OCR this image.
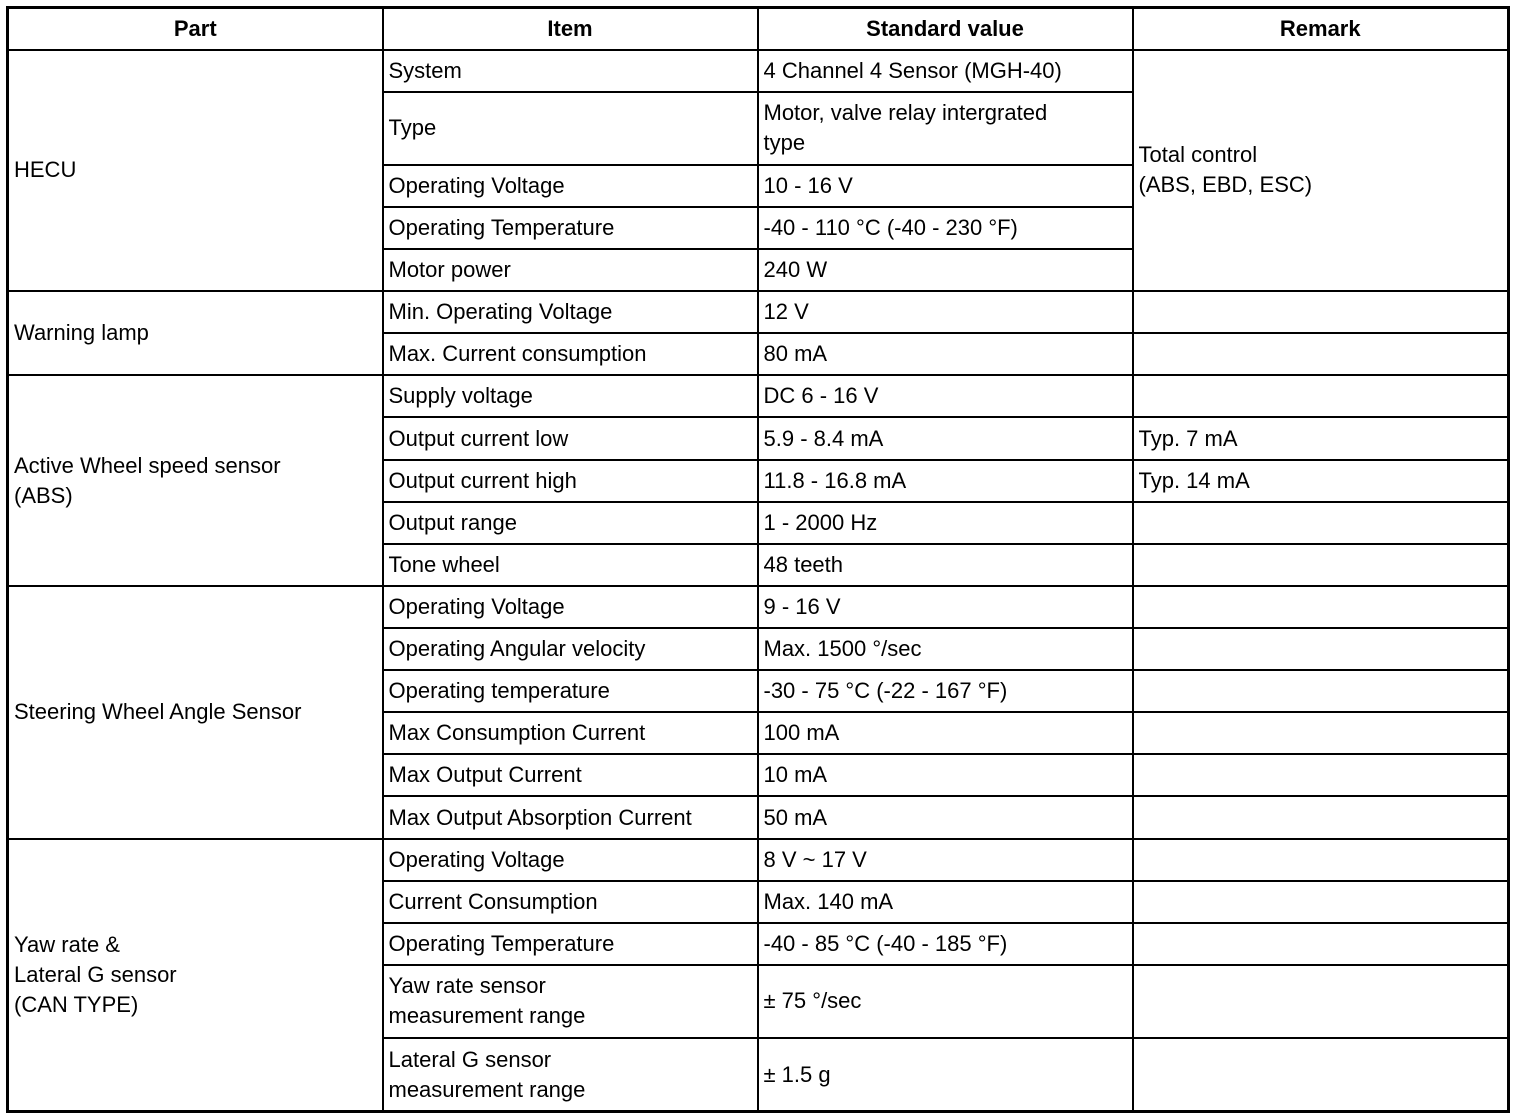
Part	Item	Standard value	Remark
HECU	System	4 Channel 4 Sensor (MGH-40)	Total control
(ABS, EBD, ESC)
	Type	Motor, valve relay intergrated
type	
	Operating Voltage	10 - 16 V	
	Operating Temperature	-40 - 110 °C (-40 - 230 °F)	
	Motor power	240 W	
Warning lamp	Min. Operating Voltage	12 V	
	Max. Current consumption	80 mA	
Active Wheel speed sensor
(ABS)	Supply voltage	DC 6 - 16 V	
	Output current low	5.9 - 8.4 mA	Typ. 7 mA
	Output current high	11.8 - 16.8 mA	Typ. 14 mA
	Output range	1 - 2000 Hz	
	Tone wheel	48 teeth	
Steering Wheel Angle Sensor	Operating Voltage	9 - 16 V	
	Operating Angular velocity	Max. 1500 °/sec	
	Operating temperature	-30 - 75 °C (-22 - 167 °F)	
	Max Consumption Current	100 mA	
	Max Output Current	10 mA	
	Max Output Absorption Current	50 mA	
Yaw rate &
Lateral G sensor
(CAN TYPE)	Operating Voltage	8 V ~ 17 V	
	Current Consumption	Max. 140 mA	
	Operating Temperature	-40 - 85 °C (-40 - 185 °F)	
	Yaw rate sensor
measurement range	± 75 °/sec	
	Lateral G sensor
measurement range	± 1.5 g	
